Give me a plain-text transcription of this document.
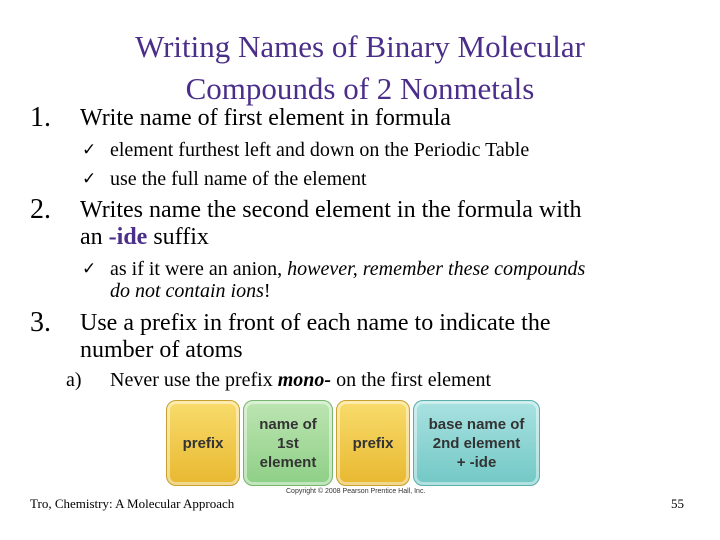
Writing Names of Binary Molecular
Compounds of 2 Nonmetals
1. Write name of first element in formula
✓ element furthest left and down on the Periodic Table
✓ use the full name of the element
2. Writes name the second element in the formula with
an -ide suffix
✓ as if it were an anion, however, remember these compounds
do not contain ions!
3. Use a prefix in front of each name to indicate the
number of atoms
a) Never use the prefix mono- on the first element
prefix
name of
1st
element
prefix
base name of
2nd element
+ -ide
Copyright © 2008 Pearson Prentice Hall, Inc.
Tro, Chemistry: A Molecular Approach	55
